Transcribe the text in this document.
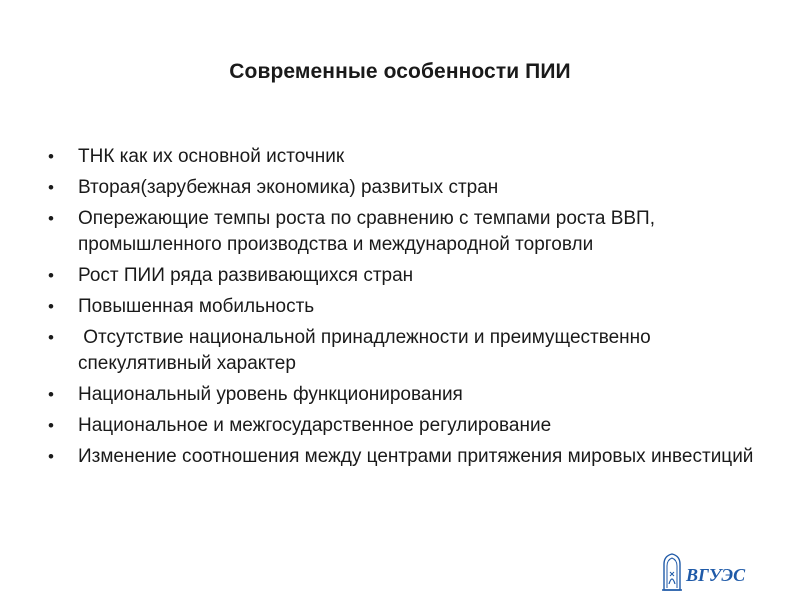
Современные особенности ПИИ
• ТНК как их основной источник
• Вторая(зарубежная экономика) развитых стран
• Опережающие темпы роста по сравнению с темпами роста ВВП, промышленного производства и международной торговли
• Рост ПИИ ряда развивающихся стран
• Повышенная мобильность
• Отсутствие национальной принадлежности и преимущественно спекулятивный характер
• Национальный уровень функционирования
• Национальное и межгосударственное регулирование
• Изменение соотношения между центрами притяжения мировых инвестиций
ВГУЭС
